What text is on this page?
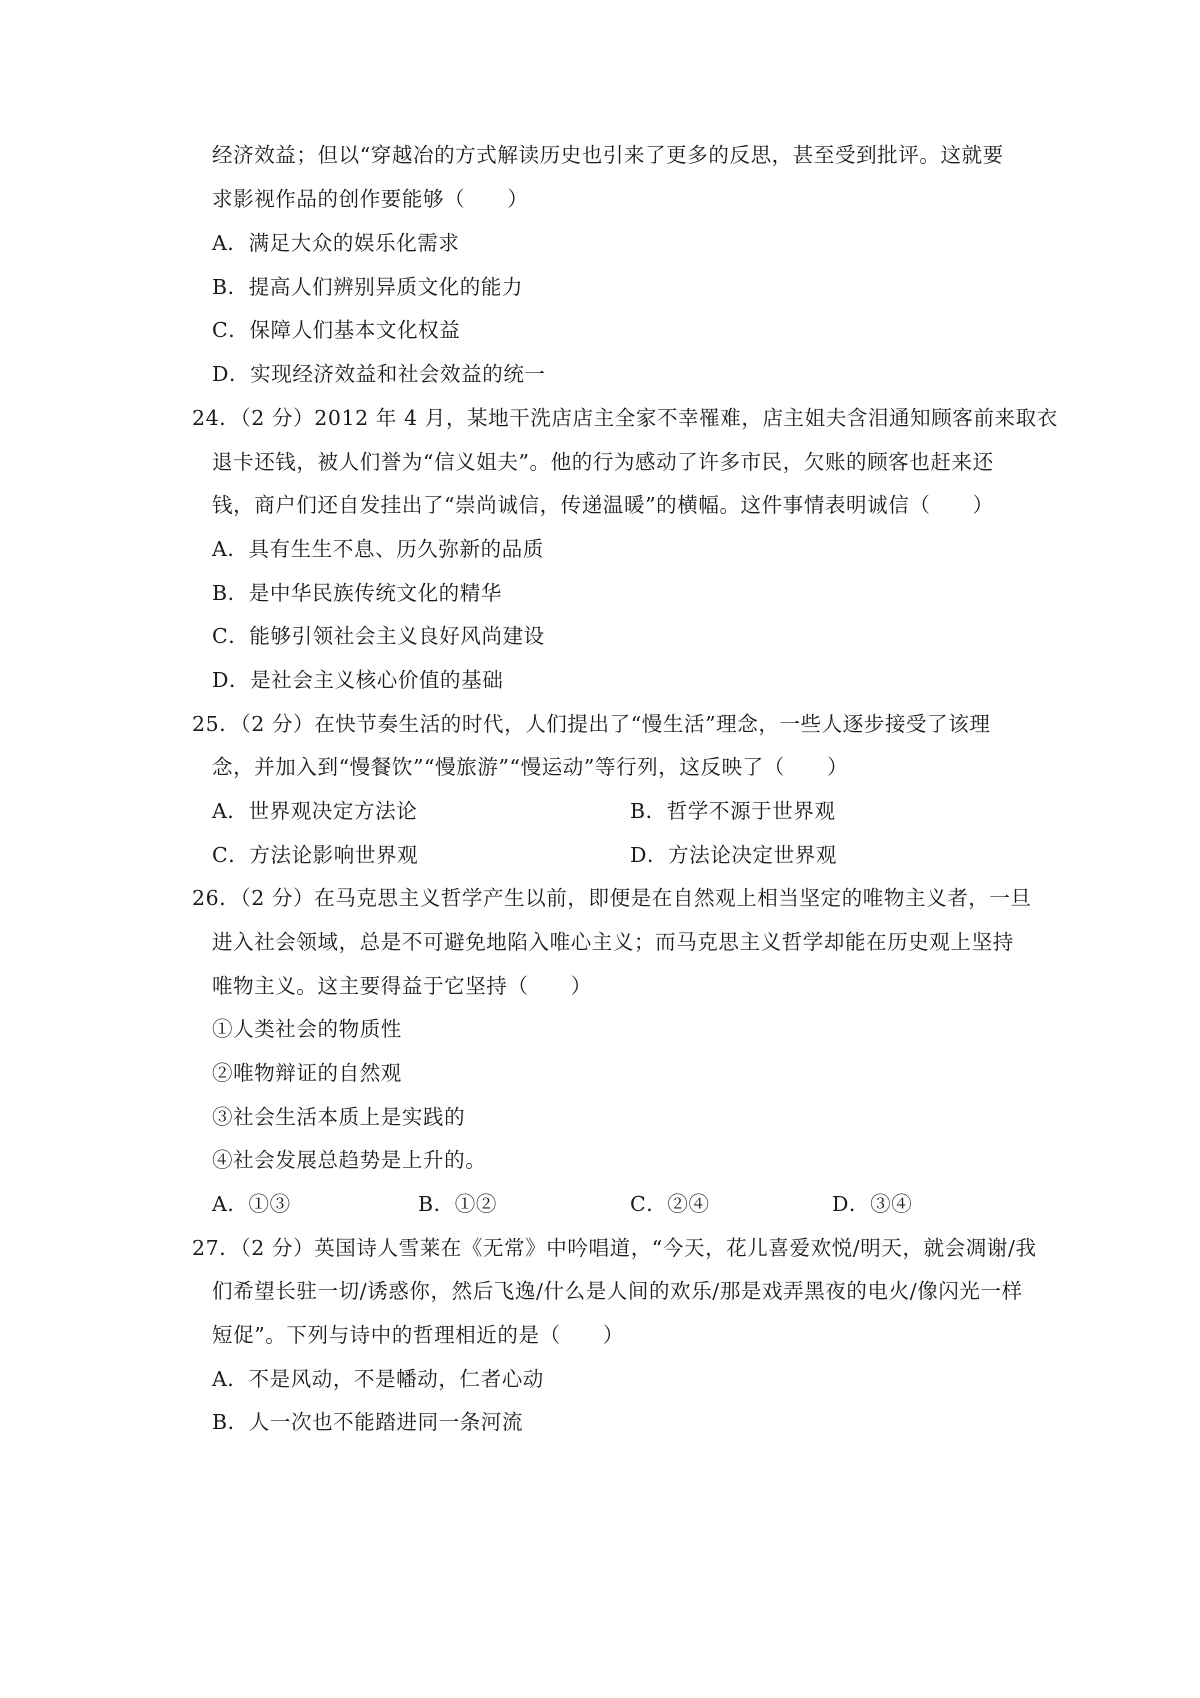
经济效益；但以“穿越冶的方式解读历史也引来了更多的反思，甚至受到批评。这就要
求影视作品的创作要能够（　　）
A．满足大众的娱乐化需求
B．提高人们辨别异质文化的能力
C．保障人们基本文化权益
D．实现经济效益和社会效益的统一
24．（2 分）2012 年 4 月，某地干洗店店主全家不幸罹难，店主姐夫含泪通知顾客前来取衣
退卡还钱，被人们誉为“信义姐夫”。他的行为感动了许多市民，欠账的顾客也赶来还
钱，商户们还自发挂出了“崇尚诚信，传递温暖”的横幅。这件事情表明诚信（　　）
A．具有生生不息、历久弥新的品质
B．是中华民族传统文化的精华
C．能够引领社会主义良好风尚建设
D．是社会主义核心价值的基础
25．（2 分）在快节奏生活的时代，人们提出了“慢生活”理念，一些人逐步接受了该理
念，并加入到“慢餐饮”“慢旅游”“慢运动”等行列，这反映了（　　）
A．世界观决定方法论	B．哲学不源于世界观
C．方法论影响世界观	D．方法论决定世界观
26．（2 分）在马克思主义哲学产生以前，即便是在自然观上相当坚定的唯物主义者，一旦
进入社会领域，总是不可避免地陷入唯心主义；而马克思主义哲学却能在历史观上坚持
唯物主义。这主要得益于它坚持（　　）
①人类社会的物质性
②唯物辩证的自然观
③社会生活本质上是实践的
④社会发展总趋势是上升的。
A．①③	B．①②	C．②④	D．③④
27．（2 分）英国诗人雪莱在《无常》中吟唱道，“今天，花儿喜爱欢悦/明天，就会凋谢/我
们希望长驻一切/诱惑你，然后飞逸/什么是人间的欢乐/那是戏弄黑夜的电火/像闪光一样
短促”。下列与诗中的哲理相近的是（　　）
A．不是风动，不是幡动，仁者心动
B．人一次也不能踏进同一条河流
